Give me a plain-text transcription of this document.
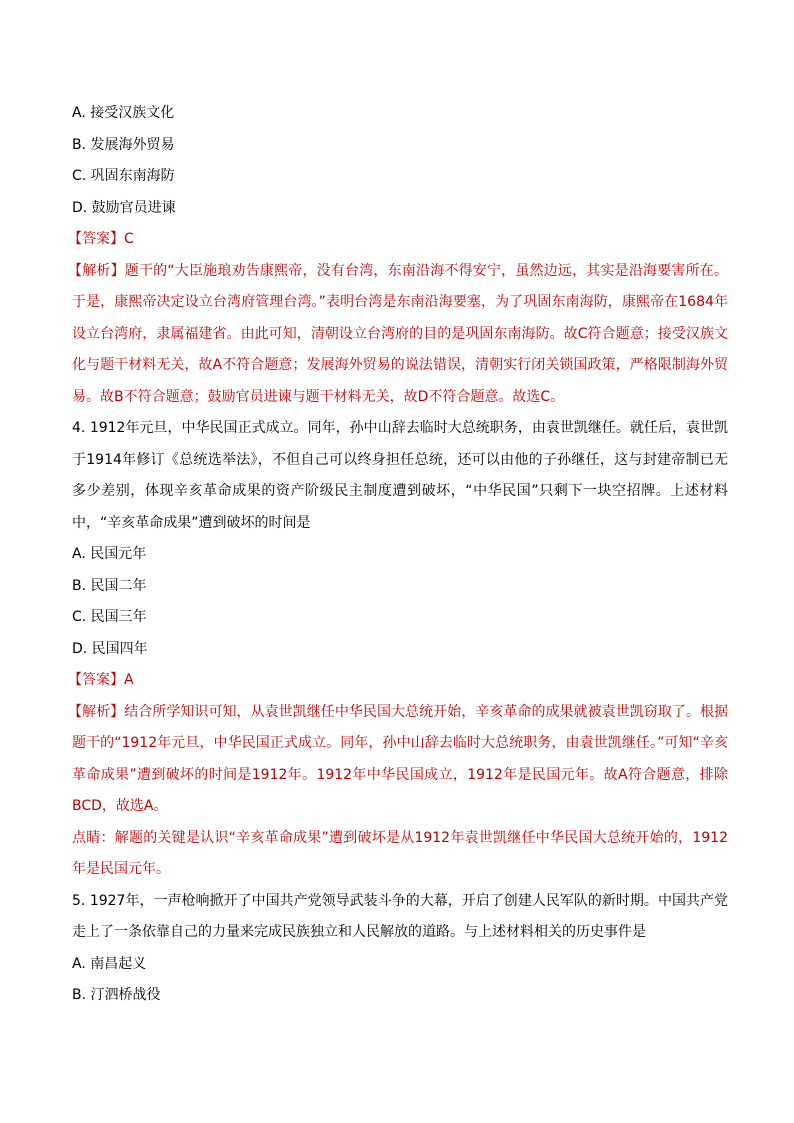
A. 接受汉族文化
B. 发展海外贸易
C. 巩固东南海防
D. 鼓励官员进谏
【答案】C
【解析】题干的“大臣施琅劝告康熙帝，没有台湾，东南沿海不得安宁，虽然边远，其实是沿海要害所在。于是，康熙帝决定设立台湾府管理台湾。”表明台湾是东南沿海要塞，为了巩固东南海防，康熙帝在1684年设立台湾府，隶属福建省。由此可知，清朝设立台湾府的目的是巩固东南海防。故C符合题意；接受汉族文化与题干材料无关，故A不符合题意；发展海外贸易的说法错误，清朝实行闭关锁国政策，严格限制海外贸易。故B不符合题意；鼓励官员进谏与题干材料无关，故D不符合题意。故选C。
4. 1912年元旦，中华民国正式成立。同年，孙中山辞去临时大总统职务，由袁世凯继任。就任后，袁世凯于1914年修订《总统选举法》，不但自己可以终身担任总统，还可以由他的子孙继任，这与封建帝制已无多少差别，体现辛亥革命成果的资产阶级民主制度遭到破坏，“中华民国”只剩下一块空招牌。上述材料中，“辛亥革命成果”遭到破坏的时间是
A. 民国元年
B. 民国二年
C. 民国三年
D. 民国四年
【答案】A
【解析】结合所学知识可知，从袁世凯继任中华民国大总统开始，辛亥革命的成果就被袁世凯窃取了。根据题干的“1912年元旦，中华民国正式成立。同年，孙中山辞去临时大总统职务，由袁世凯继任。”可知“辛亥革命成果”遭到破坏的时间是1912年。1912年中华民国成立，1912年是民国元年。故A符合题意，排除BCD，故选A。
点睛：解题的关键是认识“辛亥革命成果”遭到破坏是从1912年袁世凯继任中华民国大总统开始的，1912年是民国元年。
5. 1927年，一声枪响掀开了中国共产党领导武装斗争的大幕，开启了创建人民军队的新时期。中国共产党走上了一条依靠自己的力量来完成民族独立和人民解放的道路。与上述材料相关的历史事件是
A. 南昌起义
B. 汀泗桥战役
